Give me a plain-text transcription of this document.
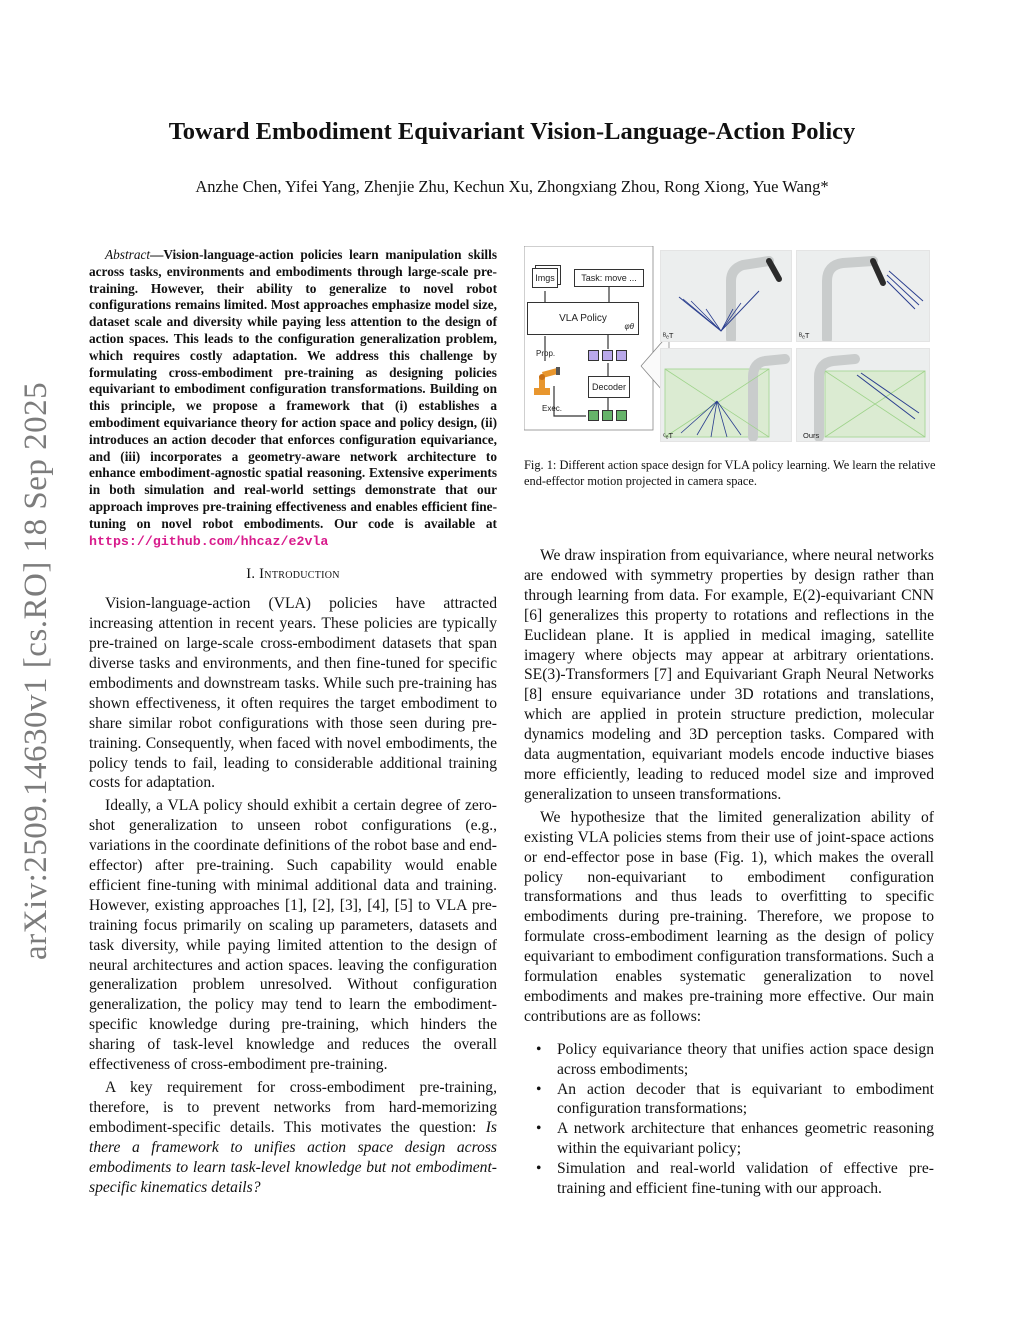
arXiv:2509.14630v1 [cs.RO] 18 Sep 2025
Toward Embodiment Equivariant Vision-Language-Action Policy
Anzhe Chen, Yifei Yang, Zhenjie Zhu, Kechun Xu, Zhongxiang Zhou, Rong Xiong, Yue Wang*

Abstract—Vision-language-action policies learn manipulation skills across tasks, environments and embodiments through large-scale pre-training. However, their ability to generalize to novel robot configurations remains limited. Most approaches emphasize model size, dataset scale and diversity while paying less attention to the design of action spaces. This leads to the configuration generalization problem, which requires costly adaptation. We address this challenge by formulating cross-embodiment pre-training as designing policies equivariant to embodiment configuration transformations. Building on this principle, we propose a framework that (i) establishes a embodiment equivariance theory for action space and policy design, (ii) introduces an action decoder that enforces configuration equivariance, and (iii) incorporates a geometry-aware network architecture to enhance embodiment-agnostic spatial reasoning. Extensive experiments in both simulation and real-world settings demonstrate that our approach improves pre-training effectiveness and enables efficient fine-tuning on novel robot embodiments. Our code is available at https://github.com/hhcaz/e2vla

I. Introduction

Vision-language-action (VLA) policies have attracted increasing attention in recent years. These policies are typically pre-trained on large-scale cross-embodiment datasets that span diverse tasks and environments, and then fine-tuned for specific embodiments and downstream tasks. While such pre-training has shown effectiveness, it often requires the target embodiment to share similar robot configurations with those seen during pre-training. Consequently, when faced with novel embodiments, the policy tends to fail, leading to considerable additional training costs for adaptation.

Ideally, a VLA policy should exhibit a certain degree of zero-shot generalization to unseen robot configurations (e.g., variations in the coordinate definitions of the robot base and end-effector) after pre-training. Such capability would enable efficient fine-tuning with minimal additional data and training. However, existing approaches [1], [2], [3], [4], [5] to VLA pre-training focus primarily on scaling up parameters, datasets and task diversity, while paying limited attention to the design of neural architectures and action spaces. leaving the configuration generalization problem unresolved. Without configuration generalization, the policy may tend to learn the embodiment-specific knowledge during pre-training, which hinders the sharing of task-level knowledge and reduces the overall effectiveness of cross-embodiment pre-training.

A key requirement for cross-embodiment pre-training, therefore, is to prevent networks from hard-memorizing embodiment-specific details. This motivates the question: Is there a framework to unifies action space design across embodiments to learn task-level knowledge but not embodiment-specific kinematics details?

Imgs	Task: move ...
VLA Policy
φθ
Prop.
Decoder
Exec.
ᴮₑT	ᴮₑT
ᶜₑT	Ours
Fig. 1: Different action space design for VLA policy learning. We learn the relative end-effector motion projected in camera space.

We draw inspiration from equivariance, where neural networks are endowed with symmetry properties by design rather than through learning from data. For example, E(2)-equivariant CNN [6] generalizes this property to rotations and reflections in the Euclidean plane. It is applied in medical imaging, satellite imagery where objects may appear at arbitrary orientations. SE(3)-Transformers [7] and Equivariant Graph Neural Networks [8] ensure equivariance under 3D rotations and translations, which are applied in protein structure prediction, molecular dynamics modeling and 3D perception tasks. Compared with data augmentation, equivariant models encode inductive biases more efficiently, leading to reduced model size and improved generalization to unseen transformations.

We hypothesize that the limited generalization ability of existing VLA policies stems from their use of joint-space actions or end-effector pose in base (Fig. 1), which makes the overall policy non-equivariant to embodiment configuration transformations and thus leads to overfitting to specific embodiments during pre-training. Therefore, we propose to formulate cross-embodiment learning as the design of policy equivariant to embodiment configuration transformations. Such a formulation enables systematic generalization to novel embodiments and makes pre-training more effective. Our main contributions are as follows:

• Policy equivariance theory that unifies action space design across embodiments;
• An action decoder that is equivariant to embodiment configuration transformations;
• A network architecture that enhances geometric reasoning within the equivariant policy;
• Simulation and real-world validation of effective pre-training and efficient fine-tuning with our approach.
